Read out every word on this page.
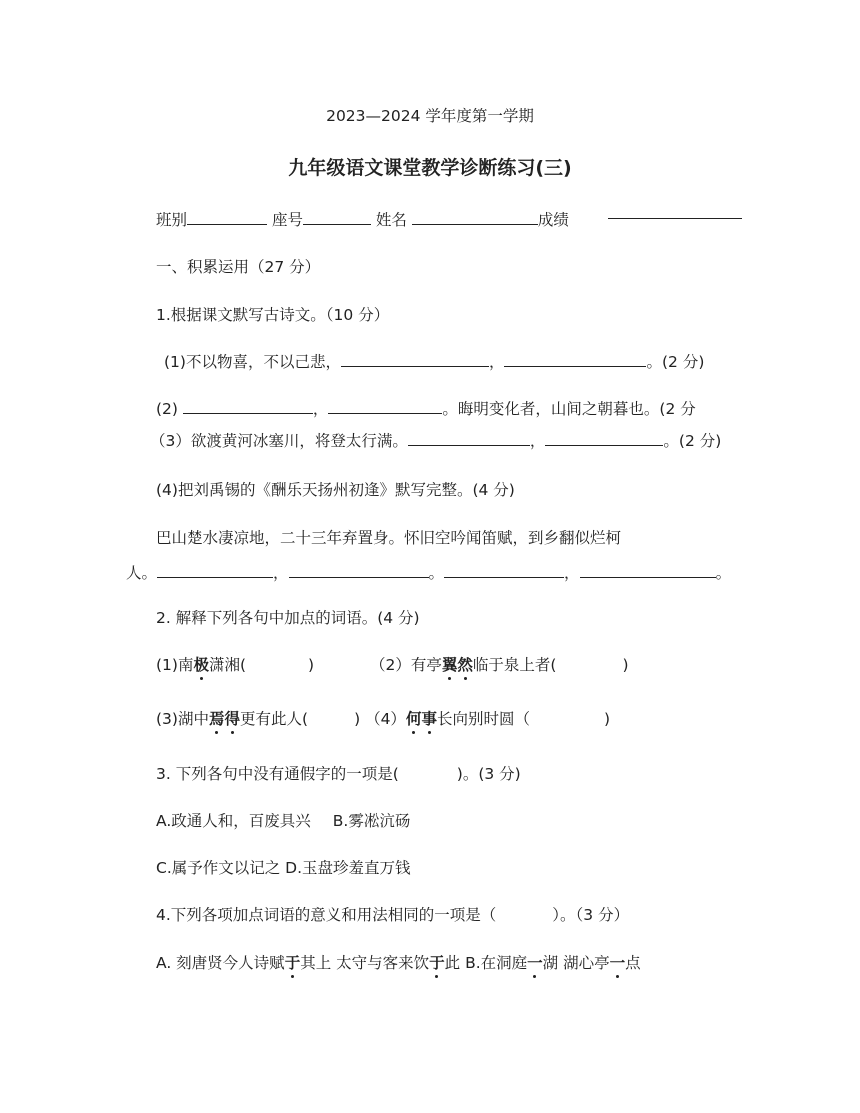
2023—2024 学年度第一学期
九年级语文课堂教学诊断练习(三)
班别	座号	姓名	成绩
一、积累运用（27 分）
1.根据课文默写古诗文。（10 分）
(1)不以物喜，不以己悲，	，	。(2 分)
(2)	，	。晦明变化者，山间之朝暮也。(2 分
（3）欲渡黄河冰塞川，将登太行满。	，	。(2 分)
(4)把刘禹锡的《酬乐天扬州初逢》默写完整。(4 分)
巴山楚水凄凉地，二十三年弃置身。怀旧空吟闻笛赋，到乡翻似烂柯
人。	，	。	，	。
2. 解释下列各句中加点的词语。(4 分)
(1)南极潇湘(	)	（2）有亭翼然临于泉上者(	)
(3)湖中焉得更有此人(	) （4）何事长向别时圆（	)
3. 下列各句中没有通假字的一项是(	)。(3 分)
A.政通人和，百废具兴 B.雾凇沆砀
C.属予作文以记之 D.玉盘珍羞直万钱
4.下列各项加点词语的意义和用法相同的一项是（	）。（3 分）
A. 刻唐贤今人诗赋于其上 太守与客来饮于此 B.在洞庭一湖 湖心亭一点
